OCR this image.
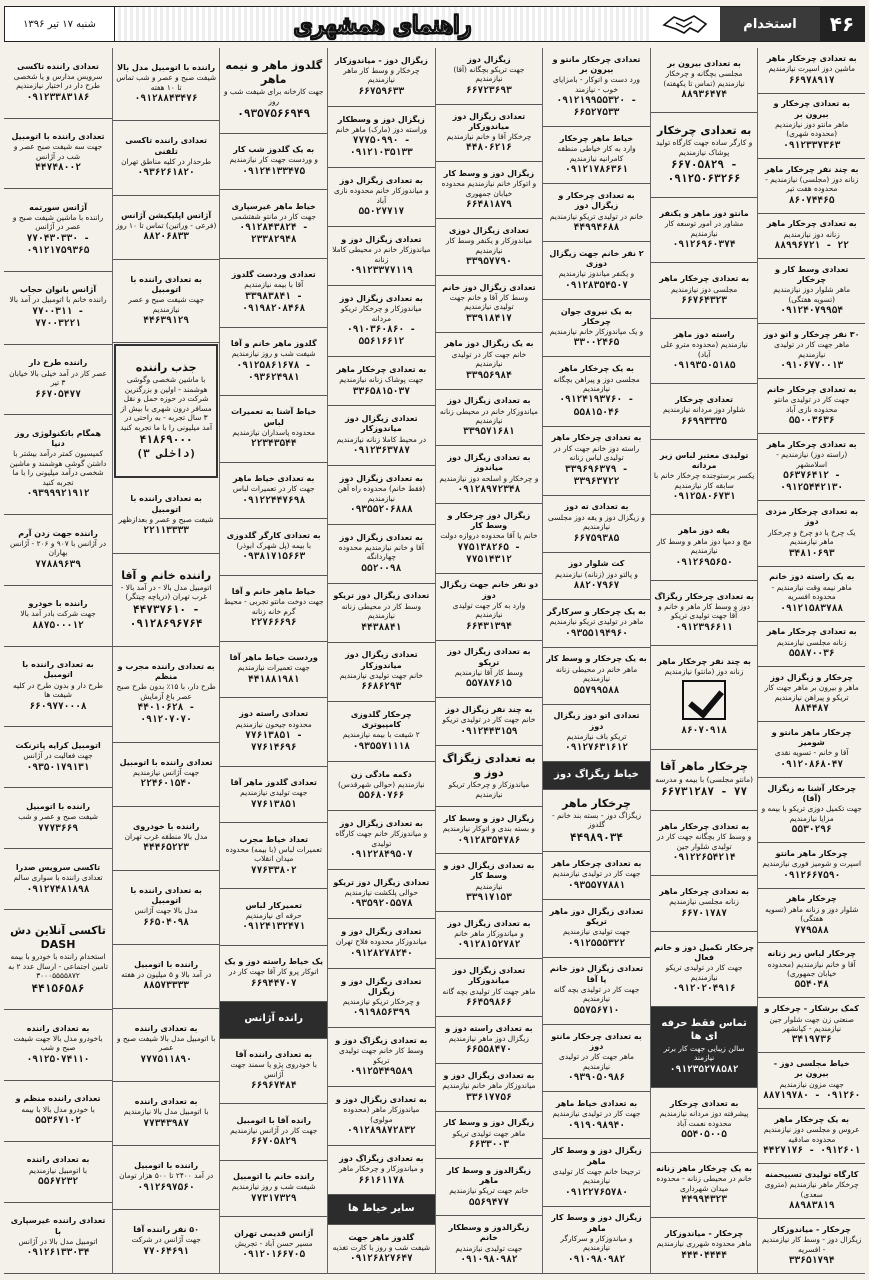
۴۶
استخدام
راهنمای همشهری
شنبه ۱۷ تیر ۱۳۹۶
به تعدادی چرخکار ماهر
ماشین دوز اسپرت نیازمندیم
۶۶۹۷۸۹۱۷
به تعدادی چرخکار و بیرون بر
ماهر مانتو دوز نیازمندیم (محدوده شهری)
۰۹۱۲۳۳۷۳۶۳
به چند نفر چرخکار ماهر
زنانه دوز (مجلسی) نیازمندیم - محدوده هفت تیر
۸۶۰۷۴۴۶۵
به تعدادی چرخکار ماهر
زنانه دوز نیازمندیم
۸۸۹۹۶۷۲۱ - ۲۲
تعدادی وسط کار و چرخکار
ماهر شلوار دوز نیازمندیم (تسویه هفتگی)
۰۹۱۲۴۰۷۹۹۵۴
۳۰ نفر چرخکار و اتو دوز
ماهر جهت کار در تولیدی نیازمندیم
۰۹۱۰۶۷۷۰۰۱۳
به تعدادی چرخکار خانم
جهت کار در تولیدی مانتو محدوده نازی آباد
۵۵۰۰۳۶۳۶
به تعدادی چرخکار ماهر
(راسته دوز) نیازمندیم - اسلامشهر
۵۶۳۷۶۴۱۲ - ۰۹۱۲۵۴۴۲۱۳۰
به تعدادی چرخکار مزدی دوز
یک چرخ یا دو چرخ و چرخکار ماهر نیازمندیم
۳۴۸۱۰۶۹۳
به یک راسته دوز خانم
ماهر نیمه وقت نیازمندیم - محدوده افسریه
۰۹۱۲۱۵۸۳۷۸۸
به تعدادی چرخکار ماهر
زنانه مجلسی نیازمندیم
۵۵۸۷۰۰۳۶
چرخکار و زیگزال دوز
ماهر و بیرون بر ماهر جهت کار تریکو و پیراهن نیازمندیم
۸۸۴۴۸۷
چرخکار ماهر مانتو و شومیز
آقا و خانم - تسویه نقدی
۰۹۱۲۰۸۶۸۰۴۷
چرخکار آشنا به زیگزال (آقا)
جهت تکمیل دوزی تریکو با بیمه و مزایا نیازمندیم
۵۵۳۰۲۹۶
چرخکار ماهر مانتو
اسپرت و شومیز فوری نیازمندیم
۰۹۱۲۶۶۷۵۹۰
چرخکار ماهر
شلوار دوز و زنانه ماهر (تسویه هفتگی)
۷۷۹۵۸۸
چرخکار لباس زیر زنانه
آقا و خانم نیازمندیم (محدوده خیابان جمهوری)
۵۵۴۰۴۸
کمک برشکار - چرخکار و
صنعتی زن جهت شلوار جین نیازمندیم - کیانشهر
۳۴۱۹۷۳۶
خیاط مجلسی دوز - بیرون بر
جهت مزون نیازمندیم
۸۸۷۱۹۷۸۰ - ۰۹۱۲۶۰
به یک چرخکار ماهر
عروس و مجلسی دوز نیازمندیم محدوده صادقیه
۴۴۲۷۱۷۶ - ۰۹۱۲۶۰۱
کارگاه تولیدی تسبیحمنه
چرخکار ماهر نیازمندیم (متروی سعدی)
۸۸۹۸۳۸۱۹
چرخکار - میاندوزکار
زیگزال دوز - وسط کار نیازمندیم - افسریه
۳۳۶۵۱۷۹۴
به تعدادی بیرون بر
مجلسی بچگانه و چرخکار نیازمندیم (تماس تا یکهفته)
۸۸۹۳۶۴۷۴
به تعدادی چرخکار
و کارگر ساده جهت کارگاه تولید پوشاک نیازمندیم
۶۶۷۰۵۸۲۹ - ۰۹۱۲۵۰۶۳۲۶۶
مانتو دوز ماهر و یکنفر
مشاور در امور توسعه کار نیازمندیم
۰۹۱۲۶۹۶۰۳۷۴
به تعدادی چرخکار ماهر
مجلسی دوز نیازمندیم
۶۶۷۶۴۳۲۳
راسته دوز ماهر
نیازمندیم (محدوده مترو علی آباد)
۰۹۱۹۳۵۰۵۱۸۵
تعدادی چرخکار
شلوار دوز مردانه نیازمندیم
۶۶۹۹۳۳۳۵
تولیدی معتبر لباس زیر مردانه
یکسر برستوجنده چرخکار خانم با سابقه کار نیازمندیم
۰۹۱۲۵۸۰۶۷۳۱
یقه دوز ماهر
مچ و دمپا دوز ماهر و وسط کار نیازمندیم
۰۹۱۲۶۹۵۶۵۰
به تعدادی چرخکار زیگزاگ
دوز و وسط کار ماهر و خانم و آقا جهت تولیدی تریکو
۰۹۱۲۳۹۶۶۱۱
به چند نفر چرخکار ماهر
زنانه دوز (مانتو) نیازمندیم
۸۶۰۷۰۹۱۸
چرخکار ماهر آقا
(مانتو مجلسی) با بیمه و مدرسه
۶۶۷۳۱۲۸۷ - ۷۷
به تعدادی چرخکار ماهر
و وسط کار بچگانه جهت کار در تولیدی شلوار جین
۰۹۱۲۲۶۵۴۲۱۴
به تعدادی چرخکار ماهر
زنانه مجلسی نیازمندیم
۶۶۷۰۱۷۸۷
چرخکار تکمیل دوز و خانم فعال
جهت کار در تولیدی تریکو نیازمندیم
۰۹۱۲۰۲۰۴۹۱۶
تماس فقط حرفه ای ها
سالن زیبایی جهت کار برتر نیازمند
۰۹۱۲۳۵۲۷۸۵۸۲
به تعدادی چرخکار
پیشرفته دوز مردانه نیازمندیم محدوده نعمت آباد
۵۵۴۰۵۰۰۵
به یک چرخکار ماهر زنانه
خانم در محیطی زنانه - محدوده میدان شهرداری
۴۴۹۹۴۳۲۳
چرخکار - میاندوزکار
ماهر محدوده شهرری نیازمندیم
۴۴۴۰۴۴۴۴
تعدادی چرخکار مانتو و بیرون بر
ورد دست و اتوکار - بامزایای خوب - نیازمند
۰۹۱۲۱۹۹۵۵۳۲۰ - ۶۶۵۲۷۵۳۳
خیاط ماهر چرخکار
وارد به کار خیاطی منطقه کامرانیه نیازمندیم
۰۹۱۲۱۷۸۶۳۶۱
به تعدادی چرخکار و زیگزال دوز
خانم در تولیدی تریکو نیازمندیم
۴۴۹۹۴۶۸۸
۲ نفر خانم جهت زیگزال دوزی
و یکنفر میاندوز نیازمندیم
۰۹۱۲۸۳۵۴۵۰۷
به یک نیروی جوان چرخکار
و یک میاندوزکار خانم نیازمندیم
۳۳۰۰۲۴۶۵
به یک چرخکار ماهر
مجلسی دوز و پیراهن بچگانه نیازمندیم
۰۹۱۲۴۱۹۳۷۶۰ - ۵۵۸۱۵۰۴۶
به تعدادی چرخکار ماهر
راسته دوز خانم جهت کار در تولیدی لباس زنانه
۳۳۹۶۹۶۳۷۹ - ۳۳۹۶۳۷۲۲
به تعدادی ته دوز
و زیگزال دوز و یقه دوز مجلسی نیازمندیم
۶۶۷۵۹۳۸۵
کت شلوار دوز
و پالتو دوز (زنانه) نیازمندیم
۸۸۲۰۷۹۶۷
به یک چرخکار و سرکارگر
ماهر در تولیدی تریکو نیازمندیم
۰۹۳۵۵۱۹۴۹۶۰
به یک چرخکار و وسط کار
ماهر خانم در محیطی زنانه نیازمندیم
۵۵۷۹۹۵۸۸
تعدادی اتو دوز زیگزال دوز
تریکو باف نیازمندیم
۰۹۱۲۷۶۳۱۶۱۲
خیاط زیگزاگ دوز
چرخکار ماهر
زیگزاگ دوز - بسته بند خانم - گلدوز
۴۴۹۸۹۰۳۴
به تعدادی چرخکار ماهر
جهت کار در تولیدی نیازمندیم
۰۹۳۵۵۷۷۸۸۱
تعدادی زیگزال دوز ماهر تریکو
جهت تولیدی نیازمندیم
۰۹۱۲۵۵۵۳۲۲
تعدادی زیگزال دوز خانم یا آقا
جهت کار در تولیدی بچه گانه نیازمندیم
۵۵۷۵۶۷۱۰
به تعدادی چرخکار مانتو دوز
ماهر جهت کار در تولیدی نیازمندیم
۰۹۳۹۰۵۰۹۸۶
به تعدادی خیاط ماهر
جهت کار در تولیدی نیازمندیم
۰۹۱۹۰۹۸۹۴۰
زیگزال دوز و وسط کار ماهر
ترجیحا خانم جهت کار تولیدی نیازمندیم
۰۹۱۲۲۷۶۵۷۸۰
زیگزال دوز و وسط کار ماهر
و میاندوزکار و سرکارگر نیازمندیم
۰۹۱۰۹۸۰۹۸۲
زیگزال دوز
جهت تریکو بچگانه (آقا) نیازمندیم
۶۶۷۲۳۶۹۳
تعدادی زیگزال دوز میاندوزکار
چرخکار آقا و خانم نیازمندیم
۴۴۸۰۶۲۱۶
زیگزال دوز و وسط کار
و اتوکار خانم نیازمندیم محدوده خیابان جمهوری
۶۶۴۸۱۸۷۹
تعدادی زیگزال دوزی
میاندوزکار و یکنفر وسط کار نیازمندیم
۳۳۹۵۷۷۹۰
تعدادی زیگزال دوز خانم
وسط کار آقا و خانم جهت تولیدی نیازمندیم
۳۳۹۱۸۴۱۷
به یک زیگزال دوز ماهر
خانم جهت کار در تولیدی نیازمندیم
۳۳۹۵۶۹۸۴
به تعدادی زیگزال دوز
میاندوزکار خانم در محیطی زنانه نیازمندیم
۳۳۹۵۷۱۶۸۱
به تعدادی زیگزال دوز میاندوز
و چرخکار و اسلحه دوز نیازمندیم
۰۹۱۲۸۹۷۲۳۴۸
زیگزال دوز چرخکار و وسط کار
خانم یا آقا محدوده دروازه دولت
۷۷۵۱۳۸۲۶۵ - ۷۷۵۱۴۳۱۲
دو نفر خانم جهت زیگزال دوز
وارد به کار جهت تولیدی نیازمندیم
۶۶۴۳۱۳۹۴
به تعدادی زیگزال دوز تریکو
وسط کار آقا نیازمندیم
۵۵۷۸۷۶۱۵
به چند نفر زیگزال دوز
خانم جهت کار در تولیدی تریکو
۰۹۱۲۴۴۳۱۵۹
به تعدادی زیگزاگ دوز و
میاندوزکار و چرخکار تریکو نیازمندیم
زیگزال دوز و وسط کار
و بسته بندی و اتوکار نیازمندیم
۰۹۱۲۸۳۵۴۷۸۶
به تعدادی زیگزال دوز و وسط کار
نیازمندیم
۳۳۹۱۷۱۵۳
به تعدادی زیگزال دوز
و میاندوزکار ماهر خانم
۰۹۱۲۸۱۵۲۷۸۲
تعدادی زیگزال دوز میاندوزکار
ماهر جهت کار تولیدی بچه گانه
۶۶۴۵۹۸۶۶
به تعدادی راسته دوز و
زیگزال دوز ماهر نیازمندیم
۶۶۵۵۸۴۷۰
به تعدادی زیگزال دوز و
میاندوزکار ماهر خانم نیازمندیم
۳۳۶۱۷۷۵۶
زیگزال دوز و وسط کار
ماهر جهت تولیدی تریکو
۶۶۳۳۰۰۳
زیگزالدوز و وسط کار ماهر
خانم جهت تریکو نیازمندیم
۵۵۶۹۴۷۷
زیگزالدوز و وسطکار خانم
جهت تولیدی نیازمندیم
۰۹۱۰۹۸۰۹۸۲
زیگزال دوز - میاندوزکار
چرخکار و وسط کار ماهر نیازمندیم
۶۶۷۵۹۶۳۳
زیگزال دوز و وسطکار
وراسته دوز (مارک) ماهر خانم
۷۷۷۵۰۹۹۰ - ۰۹۱۲۱۰۳۵۱۳۳
به تعدادی زیگزال دوز
و میاندوزکار خانم محدوده نازی آباد
۵۵۰۲۷۷۱۷
تعدادی زیگزال دوز و
میاندوزکار خانم در محیطی کاملا زنانه
۰۹۱۲۳۳۷۷۱۱۹
به تعدادی زیگزال دوز
میاندوزکار و چرخکار تریکو مردانه
۰۹۱۰۳۶۰۸۶۰ - ۵۵۶۱۶۶۱۲
به تعدادی چرخکار ماهر
جهت پوشاک زنانه نیازمندیم
۳۳۶۵۸۱۵۰۳۷
تعدادی زیگزال دوز میاندوزکار
در محیط کاملا زنانه نیازمندیم
۰۹۱۲۳۶۳۷۸۷
به تعدادی زیگزال دوز
(فقط خانم) محدوده راه آهن نیازمندیم
۰۹۳۵۵۲۰۶۸۸۸
به تعدادی زیگزال دوز
آقا و خانم نیازمندیم محدوده چهاردانگه
۵۵۲۰۰۹۸
تعدادی زیگزال دوز تریکو
وسط کار در محیطی زنانه نیازمندیم
۴۴۳۸۸۴۱
تعدادی زیگزال دوز میاندوزکار
خانم جهت تولیدی نیازمندیم
۶۶۸۶۲۹۳
چرخکار گلدوزی کامپیوتری
۲ شیفت با بیمه نیازمندیم
۰۹۳۵۵۷۱۱۱۸
دکمه مادگی زن
نیازمندیم (حوالی شهرقدس)
۵۵۶۸۰۷۶۶
به تعدادی زیگزال دوز
و میاندوزکار خانم جهت کارگاه تولیدی
۰۹۱۲۲۸۴۹۵۰۷
تعدادی زیگزال دوز تریکو
حوالی پلکشت نیازمندیم
۰۹۳۵۹۲۰۵۵۷۸
تعدادی زیگزال دوز و
میاندوزکار محدوده فلاح تهران
۰۹۱۲۸۲۷۸۲۴۰
تعدادی زیگزال دوز و زیگزال
و چرخکار تریکو نیازمندیم
۰۹۱۹۸۵۶۳۹۹
به تعدادی زیگزاگ دوز و
وسط کار خانم جهت تولیدی تریکو
۰۹۱۲۵۴۴۹۵۸۹
به تعدادی زیگزال دوز و
میاندوزکار ماهر (محدوده مولوی)
۰۹۱۲۸۹۸۷۲۸۳۲
به تعدادی زیگزاگ دوز
و میاندوزکار و چرخکار ماهر
۶۶۱۶۱۱۷۸
سایر خیاط ها
گلدوز ماهر جهت
شیفت شب و روز با کارت تغذیه
۰۹۱۲۶۸۲۷۶۴۷
گلدوز ماهر و نیمه ماهر
جهت کارخانه برای شیفت شب و روز
۰۹۳۵۷۵۶۶۹۴۹
به یک گلدوز شب کار
و وردست جهت کار نیازمندیم
۰۹۱۲۴۱۳۳۴۷۵
خیاط ماهر غیرسپاری
جهت کار در مانتو شفتشمی
۰۹۱۲۸۴۳۸۲۴ - ۲۳۳۸۲۹۴۸
تعدادی وردست گلدوز
آقا با بیمه نیازمندیم
۳۳۹۸۳۸۴۱ - ۰۹۱۹۸۲۰۸۴۶۸
گلدوز ماهر خانم و آقا
شیفت شب و روز نیازمندیم
۰۹۱۲۵۸۶۱۶۷۸ - ۰۹۳۶۲۴۹۸۱
خیاط آشنا به تعمیرات لباس
محدوده پاسداران نیازمندیم
۲۲۳۴۳۵۴۴
به تعدادی خیاط ماهر
جهت کار در تعمیرات لباس
۰۹۱۲۲۴۴۷۶۹۸
به تعدادی کارگر گلدوزی
با بیمه (پل شهرک ابوذر)
۰۹۳۸۱۷۱۵۶۶۳
خیاط ماهر خانم و آقا
جهت دوخت مانتو تجربی - محیط گرم خانه زنانه
۲۲۷۶۶۶۹۶
وردست خیاط ماهر آقا
جهت تعمیرات نیازمندیم
۴۴۱۸۸۱۹۸۱
تعدادی راسته دوز
محدوده جیحون نیازمندیم
۷۷۶۱۳۸۵۱ - ۷۷۶۱۴۶۹۶
تعدادی گلدوز ماهر آقا
جهت تولیدی نیازمندیم
۷۷۶۱۳۸۵۱
تعداد خیاط مجرب
تعمیرات لباس (با بیمه) محدوده میدان انقلاب
۷۷۶۳۳۸۰۲
تعمیرکار لباس
حرفه ای نیازمندیم
۰۹۱۲۴۱۳۲۴۷۱
یک خیاط راسته دوز و یک
اتوکار پرو کار آقا جهت کار در
۶۶۹۴۴۷۰۷
رانده آژانس
به تعدادی راننده آقا
با خودروی پژو یا سمند جهت آژانس
۶۶۹۶۷۴۸۴
رانده آقا با اتومبیل
جهت کار در آژانس نیازمندیم
۶۶۷۰۵۸۲۹
رانده خانم با اتومبیل
شیفت شب و روز نیازمندیم
۷۷۳۱۷۳۲۹
آژانس قدیمی تهران
مسیر حسن آباد - تجریش
۰۹۱۲۰۱۶۶۷۰۵
راننده با اتومبیل مدل بالا
شیفت صبح و عصر و شب تماس تا ۱۰ هفته
۰۹۱۲۸۸۴۳۴۷۶
تعدادی راننده تاکسی تلفنی
طرحدار در کلیه مناطق تهران
۰۹۳۶۲۶۱۸۲۰
آژانس اپلیکیشن آژانس
(فرعی - وراتین) تماس تا ۱۰ روز
۸۸۲۰۶۸۳۳
به تعدادی راننده با اتومبیل
جهت شیفت صبح و عصر نیازمندیم
۴۴۶۳۹۱۲۹
جذب راننده
با ماشین شخصی وگوشی هوشمند - اولین و بزرگترین شرکت در حوزه حمل و نقل مسافر درون شهری با بیش از ۳ سال تجربه - به راحتی در آمد میلیونی را با ما تجربه کنید
۴۱۸۶۹۰۰۰ (داخلی ۳)
به تعدادی راننده با اتومبیل
شیفت صبح و عصر و بعدازظهر
۲۲۱۱۳۳۳۳
راننده خانم و آقا
اتومبیل مدل بالا - در آمد بالا - غرب تهران (دریاچه چیتگر)
۴۴۷۳۷۶۱۰ - ۰۹۱۲۸۶۹۶۷۶۴
به تعدادی راننده مجرب و منظم
طرح دار، با ۱۵٪ بدون طرح صبح عصر باغ آزمایش
۴۴۰۱۰۶۲۸ - ۰۹۱۲۰۷۰۷۰
تعدادی راننده با اتومبیل
جهت آژانس نیازمندیم
۲۲۴۶۰۱۵۴۰
راننده با خودروی
مدل بالا منطقه غرب تهران
۴۴۴۶۵۲۲۳
به تعدادی راننده با اتومبیل
مدل بالا جهت آژانس
۶۶۵۰۴۰۹۸
راننده با اتومبیل
در آمد بالا و ۵ میلیون در هفته
۸۸۵۷۳۳۳۳
به تعدادی راننده
با اتومبیل مدل بالا شیفت صبح و عصر
۷۷۷۵۱۱۸۹۰
به تعدادی راننده
با اتومبیل مدل بالا نیازمندیم
۷۷۳۴۳۹۸۷
راننده با اتومبیل
در آمد ۲۴۰۰ تا ۵۰۰ هزار تومان
۰۹۱۲۶۹۷۵۶۰
۵۰ نفر راننده آقا
جهت آژانس در شرکت
۷۷۰۶۴۶۹۱
تعدادی راننده تاکسی
سرویس مدارس و یا شخصی طرح دار در اختیار نیازمندیم
۰۹۱۲۳۳۸۳۱۸۶
تعدادی راننده با اتومبیل
جهت سه شیفت صبح عصر و شب در آژانس
۴۴۷۴۸۰۰۲
آژانس سورتمه
راننده با ماشین شیفت صبح و عصر در آژانس
۷۷۰۴۳۰۳۳۰ - ۰۹۱۲۱۷۵۹۳۶۵
آژانس بانوان حجاب
راننده خانم با اتومبیل در آمد بالا
۷۷۰۰۳۱۱ - ۷۷۰۰۳۲۲۱
راننده طرح دار
عصر کار در آمد خیلی بالا خیابان ۳ تیر
۶۶۷۰۵۴۷۷
همگام باتکنولوژی روز دنیا
کمیسیون کمتر درآمد بیشتر با داشتن گوشی هوشمند و ماشین شخصی درآمد میلیونی را با ما تجربه کنید
۰۹۳۹۹۹۲۱۹۱۲
راننده جهت زدن آرم
در آژانس با ۹۰۷ و ۲۰۶ - آژانس بهاران
۷۷۸۸۹۶۳۹
راننده با خودرو
جهت شرکت بادر آمد بالا
۸۸۷۵۰۰۰۱۲
به تعدادی راننده با اتومبیل
طرح دار و بدون طرح در کلیه شیفت ها
۶۶۰۹۷۷۰۰۰۸
اتومبیل کرایه پاترنکت
جهت فعالیت در آژانس
۰۹۳۵۰۱۷۹۱۳۱
راننده با اتومبیل
شیفت صبح و عصر و شب
۷۷۷۳۶۶۹
تاکسی سرویس صدرا
تعدادی راننده با سواری سالم
۰۹۱۲۷۴۸۱۸۹۸
تاکسی آنلاین دش DASH
استخدام راننده با خودرو با بیمه تامین اجتماعی - ارسال عدد ۲ به ۳۰۰۰۵۵۵۵۸۷۲
۴۴۱۵۶۵۸۶
به تعدادی راننده
باخودرو مدل بالا جهت شیفت صبح و شب
۰۹۱۲۵۰۷۴۱۱۰
تعدادی راننده منظم و
با خودرو مدل بالا با بیمه
۵۵۳۶۷۱۰۲
به تعدادی راننده
با اتومبیل نیازمندیم
۵۵۶۷۲۳۲
تعدادی راننده غیرسپاری با
اتومبیل مدل بالا در آژانس
۰۹۱۲۶۱۳۳۰۳۴
